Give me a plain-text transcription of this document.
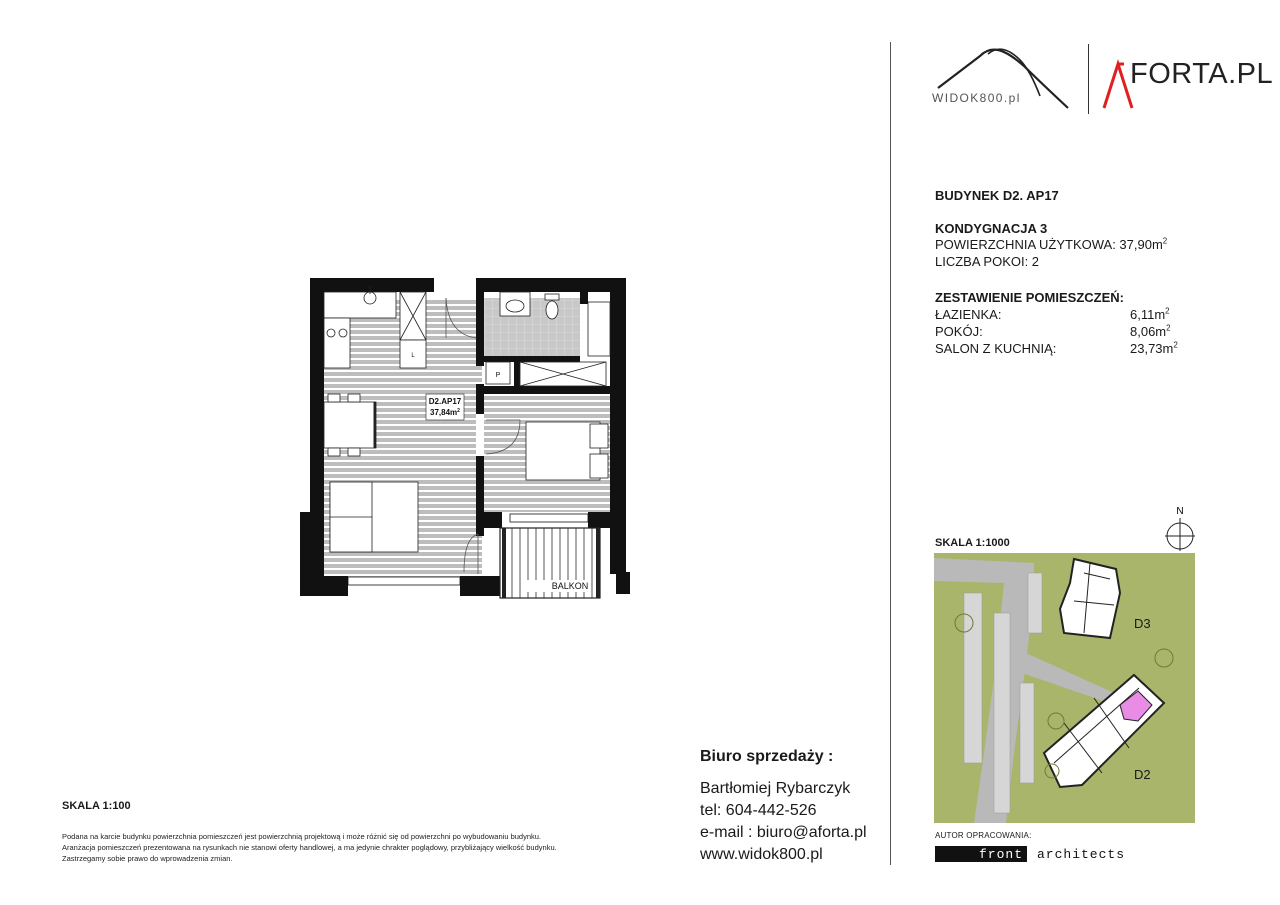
WIDOK800.pl
FORTA.PL
BUDYNEK D2. AP17
KONDYGNACJA 3
POWIERZCHNIA UŻYTKOWA: $37,90m^2$
LICZBA POKOI: 2
ZESTAWIENIE POMIESZCZEŃ:
ŁAZIENKA:	$6,11m^2$
POKÓJ:	$8,06m^2$
SALON Z KUCHNIĄ:	$23,73m^2$
SKALA 1:1000
N
D3
D2
AUTOR OPRACOWANIA:
front architects
Biuro sprzedaży :
Bartłomiej Rybarczyk
tel: 604-442-526
e-mail : biuro@aforta.pl
www.widok800.pl
SKALA 1:100
Podana na karcie budynku powierzchnia pomieszczeń jest powierzchnią projektową i może różnić się od powierzchni po wybudowaniu budynku.
Aranżacja pomieszczeń prezentowana na rysunkach nie stanowi oferty handlowej, a ma jedynie chrakter poglądowy, przybliżający wielkość budynku.
Zastrzegamy sobie prawo do wprowadzenia zmian.
L
D2.AP17
$37,84m^2$
P
BALKON
